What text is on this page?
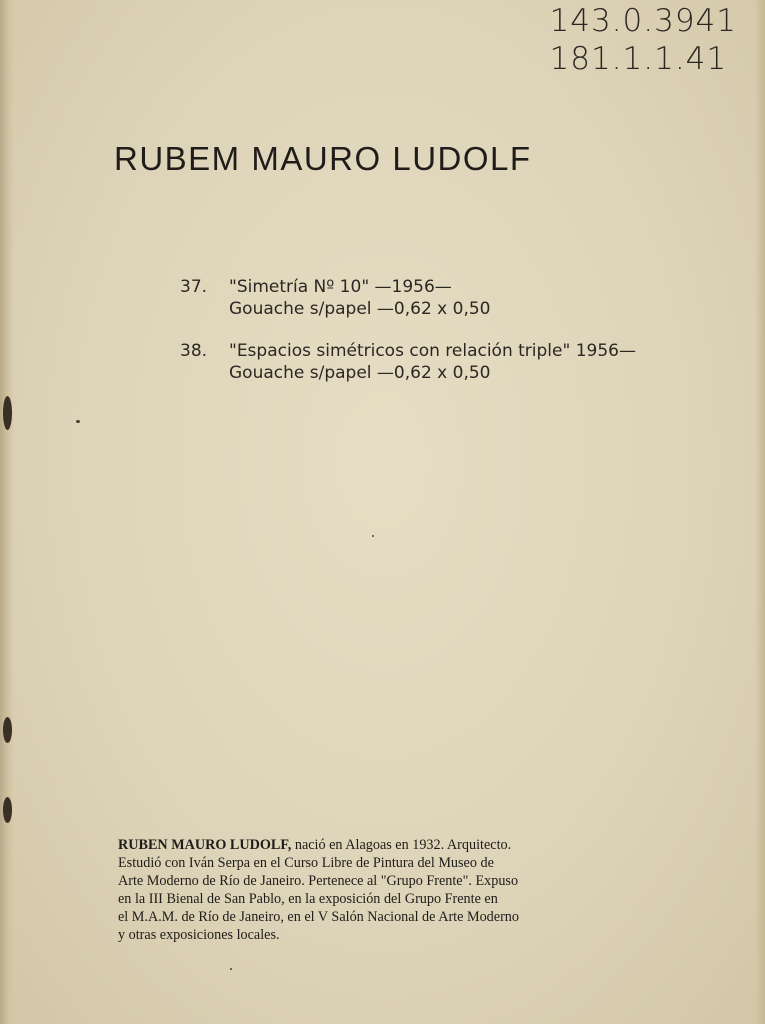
143.0.3941
181.1.1.41
RUBEM MAURO LUDOLF
37.	"Simetría Nº 10" —1956—
Gouache s/papel —0,62 x 0,50
38.	"Espacios simétricos con relación triple" 1956—
Gouache s/papel —0,62 x 0,50
RUBEN MAURO LUDOLF, nació en Alagoas en 1932. Arquitecto.
Estudió con Iván Serpa en el Curso Libre de Pintura del Museo de
Arte Moderno de Río de Janeiro. Pertenece al "Grupo Frente". Expuso
en la III Bienal de San Pablo, en la exposición del Grupo Frente en
el M.A.M. de Río de Janeiro, en el V Salón Nacional de Arte Moderno
y otras exposiciones locales.
